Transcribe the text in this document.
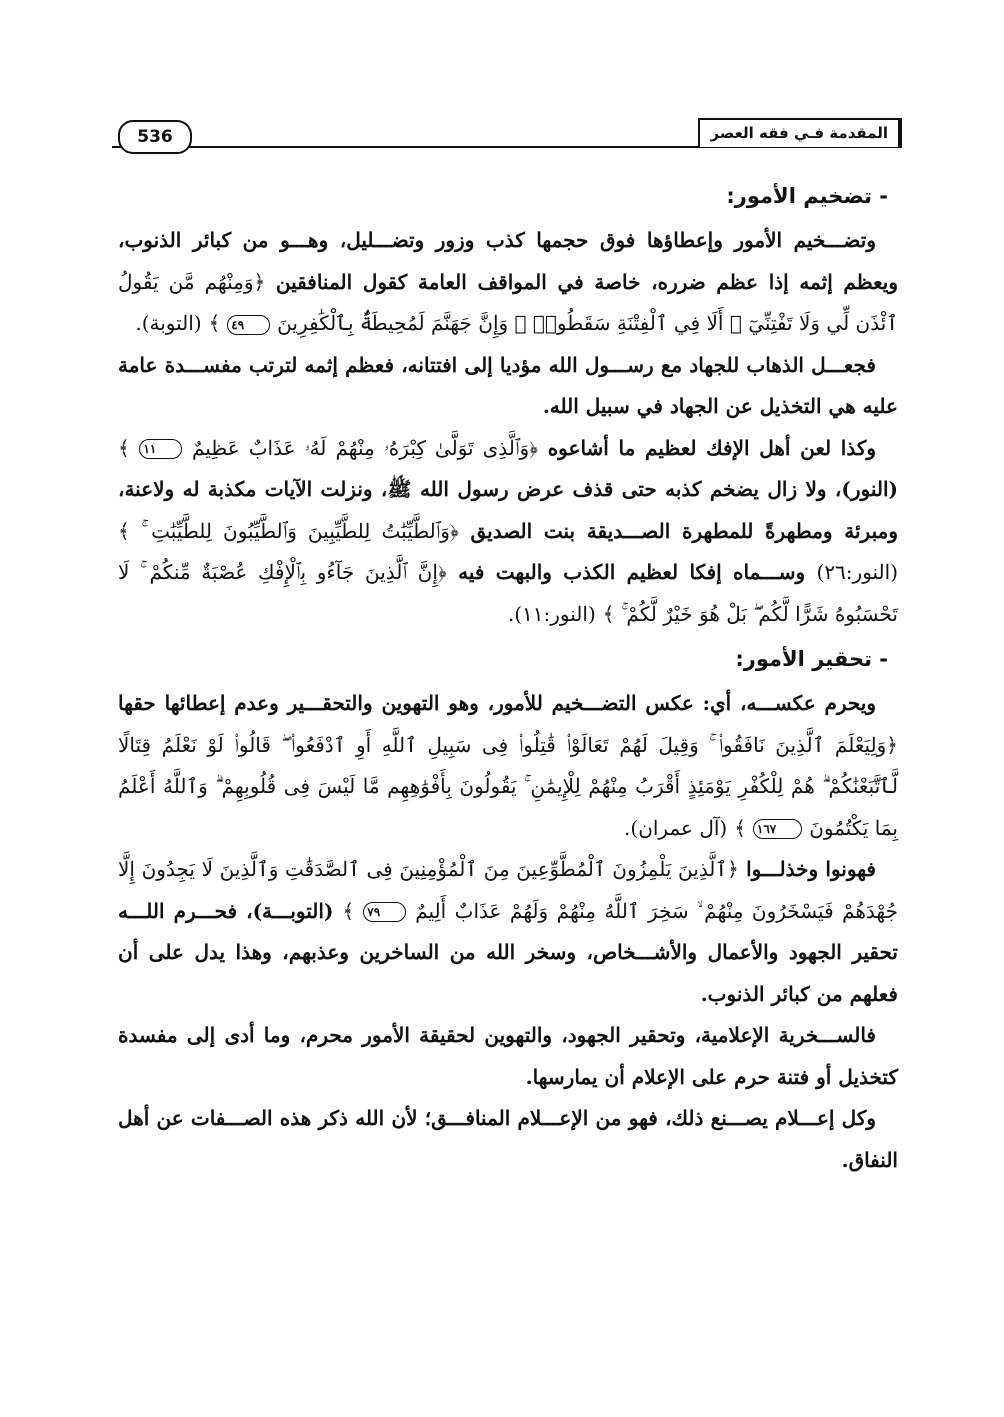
المقدمة فـي فقه العصر
536
- تضخيم الأمور:

وتضـــخيم الأمور وإعطاؤها فوق حجمها كذب وزور وتضـــليل، وهـــو من كبائر الذنوب، ويعظم إثمه إذا عظم ضرره، خاصة في المواقف العامة كقول المنافقين ﴿وَمِنْهُم مَّن يَقُولُ ٱئْذَن لِّي وَلَا تَفْتِنِّيٓ ۚ أَلَا فِي ٱلْفِتْنَةِ سَقَطُوا۟ ۗ وَإِنَّ جَهَنَّمَ لَمُحِيطَةٌۢ بِٱلْكَٰفِرِينَ ٤٩ ﴾ (التوبة).

فجعـــل الذهاب للجهاد مع رســـول الله مؤديا إلى افتتانه، فعظم إثمه لترتب مفســـدة عامة عليه هي التخذيل عن الجهاد في سبيل الله.

وكذا لعن أهل الإفك لعظيم ما أشاعوه ﴿وَٱلَّذِى تَوَلَّىٰ كِبْرَهُۥ مِنْهُمْ لَهُۥ عَذَابٌ عَظِيمٌ ١١ ﴾ (النور)، ولا زال يضخم كذبه حتى قذف عرض رسول الله ﷺ، ونزلت الآيات مكذبة له ولاعنة، ومبرئة ومطهرةً للمطهرة الصـــديقة بنت الصديق ﴿وَٱلطَّيِّبَٰتُ لِلطَّيِّبِينَ وَٱلطَّيِّبُونَ لِلطَّيِّبَٰتِ ۚ ﴾ (النور:٢٦) وســـماه إفكا لعظيم الكذب والبهت فيه ﴿إِنَّ ٱلَّذِينَ جَآءُو بِٱلْإِفْكِ عُصْبَةٌ مِّنكُمْ ۚ لَا تَحْسَبُوهُ شَرًّا لَّكُم ۖ بَلْ هُوَ خَيْرٌ لَّكُمْ ۚ ﴾ (النور:١١).

- تحقير الأمور:

ويحرم عكســـه، أي: عكس التضـــخيم للأمور، وهو التهوين والتحقـــير وعدم إعطائها حقها ﴿وَلِيَعْلَمَ ٱلَّذِينَ نَافَقُوا۟ ۚ وَقِيلَ لَهُمْ تَعَالَوْا۟ قَٰتِلُوا۟ فِى سَبِيلِ ٱللَّهِ أَوِ ٱدْفَعُوا۟ ۖ قَالُوا۟ لَوْ نَعْلَمُ قِتَالًا لَّٱتَّبَعْنَٰكُمْ ۗ هُمْ لِلْكُفْرِ يَوْمَئِذٍ أَقْرَبُ مِنْهُمْ لِلْإِيمَٰنِ ۚ يَقُولُونَ بِأَفْوَٰهِهِم مَّا لَيْسَ فِى قُلُوبِهِمْ ۗ وَٱللَّهُ أَعْلَمُ بِمَا يَكْتُمُونَ ١٦٧ ﴾ (آل عمران).

فهونوا وخذلـــوا ﴿ٱلَّذِينَ يَلْمِزُونَ ٱلْمُطَّوِّعِينَ مِنَ ٱلْمُؤْمِنِينَ فِى ٱلصَّدَقَٰتِ وَٱلَّذِينَ لَا يَجِدُونَ إِلَّا جُهْدَهُمْ فَيَسْخَرُونَ مِنْهُمْ ۙ سَخِرَ ٱللَّهُ مِنْهُمْ وَلَهُمْ عَذَابٌ أَلِيمٌ ٧٩ ﴾ (التوبـــة)، فحـــرم اللـــه تحقير الجهود والأعمال والأشـــخاص، وسخر الله من الساخرين وعذبهم، وهذا يدل على أن فعلهم من كبائر الذنوب.

فالســـخرية الإعلامية، وتحقير الجهود، والتهوين لحقيقة الأمور محرم، وما أدى إلى مفسدة كتخذيل أو فتنة حرم على الإعلام أن يمارسها.

وكل إعـــلام يصـــنع ذلك، فهو من الإعـــلام المنافـــق؛ لأن الله ذكر هذه الصـــفات عن أهل النفاق.
